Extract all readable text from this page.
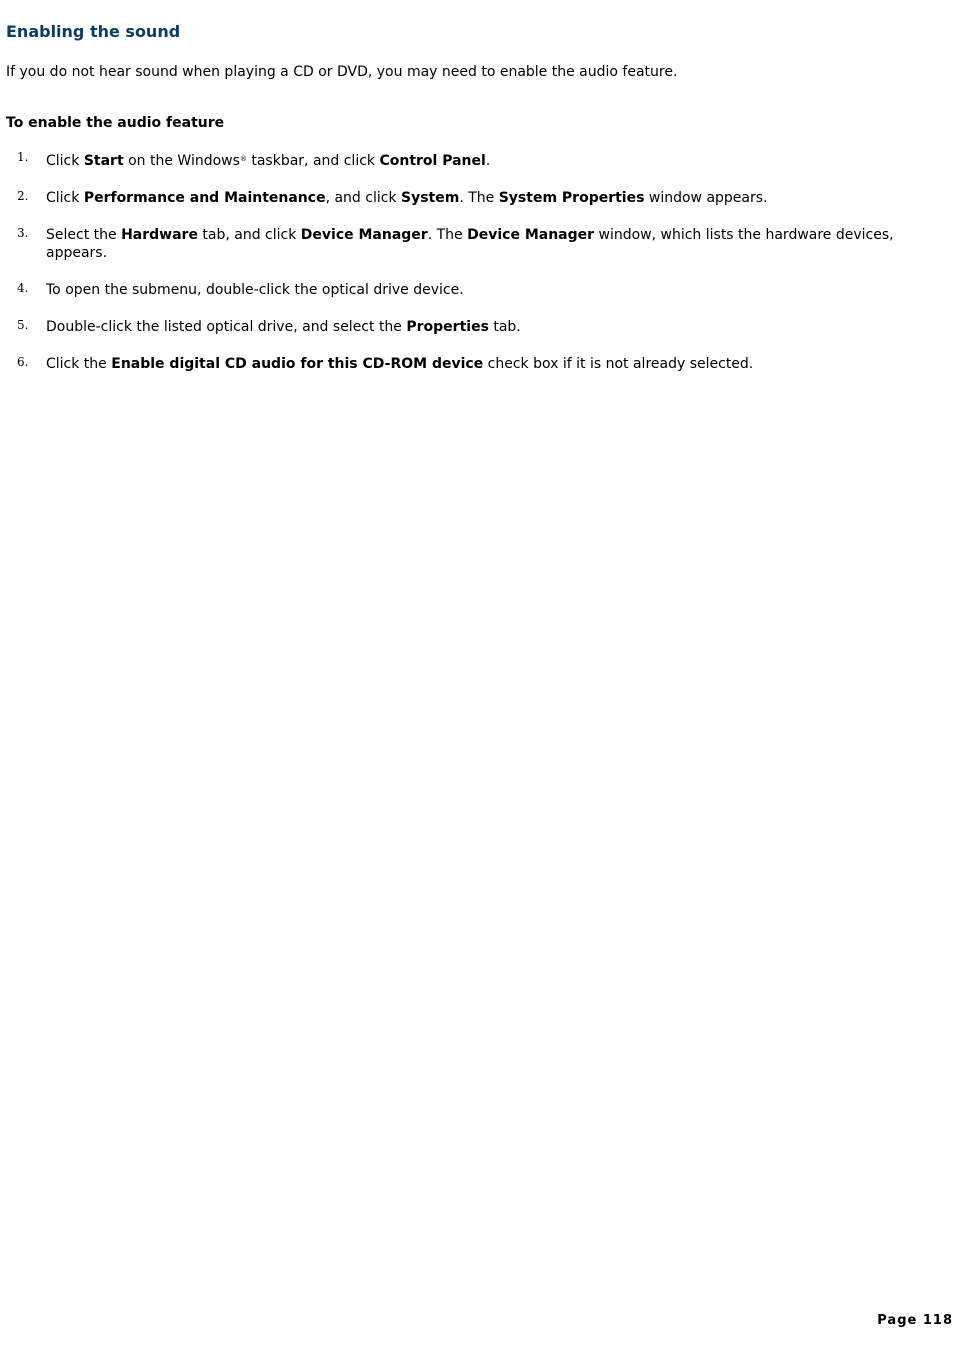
Enabling the sound

If you do not hear sound when playing a CD or DVD, you may need to enable the audio feature.

To enable the audio feature

1. Click Start on the Windows® taskbar, and click Control Panel.
2. Click Performance and Maintenance, and click System. The System Properties window appears.
3. Select the Hardware tab, and click Device Manager. The Device Manager window, which lists the hardware devices, appears.
4. To open the submenu, double-click the optical drive device.
5. Double-click the listed optical drive, and select the Properties tab.
6. Click the Enable digital CD audio for this CD-ROM device check box if it is not already selected.
Page 118
